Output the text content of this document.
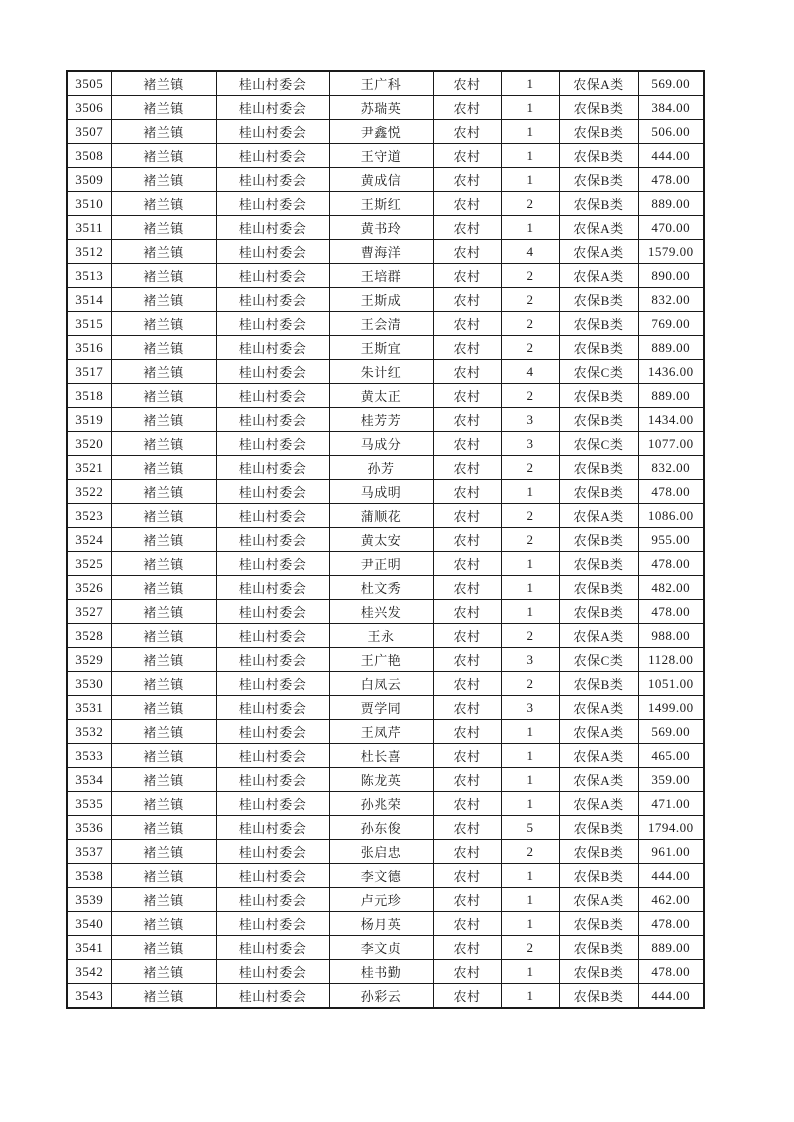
3505	褚兰镇	桂山村委会	王广科	农村	1	农保A类	569.00
3506	褚兰镇	桂山村委会	苏瑞英	农村	1	农保B类	384.00
3507	褚兰镇	桂山村委会	尹鑫悦	农村	1	农保B类	506.00
3508	褚兰镇	桂山村委会	王守道	农村	1	农保B类	444.00
3509	褚兰镇	桂山村委会	黄成信	农村	1	农保B类	478.00
3510	褚兰镇	桂山村委会	王斯红	农村	2	农保B类	889.00
3511	褚兰镇	桂山村委会	黄书玲	农村	1	农保A类	470.00
3512	褚兰镇	桂山村委会	曹海洋	农村	4	农保A类	1579.00
3513	褚兰镇	桂山村委会	王培群	农村	2	农保A类	890.00
3514	褚兰镇	桂山村委会	王斯成	农村	2	农保B类	832.00
3515	褚兰镇	桂山村委会	王会清	农村	2	农保B类	769.00
3516	褚兰镇	桂山村委会	王斯宜	农村	2	农保B类	889.00
3517	褚兰镇	桂山村委会	朱计红	农村	4	农保C类	1436.00
3518	褚兰镇	桂山村委会	黄太正	农村	2	农保B类	889.00
3519	褚兰镇	桂山村委会	桂芳芳	农村	3	农保B类	1434.00
3520	褚兰镇	桂山村委会	马成分	农村	3	农保C类	1077.00
3521	褚兰镇	桂山村委会	孙芳	农村	2	农保B类	832.00
3522	褚兰镇	桂山村委会	马成明	农村	1	农保B类	478.00
3523	褚兰镇	桂山村委会	蒲顺花	农村	2	农保A类	1086.00
3524	褚兰镇	桂山村委会	黄太安	农村	2	农保B类	955.00
3525	褚兰镇	桂山村委会	尹正明	农村	1	农保B类	478.00
3526	褚兰镇	桂山村委会	杜文秀	农村	1	农保B类	482.00
3527	褚兰镇	桂山村委会	桂兴发	农村	1	农保B类	478.00
3528	褚兰镇	桂山村委会	王永	农村	2	农保A类	988.00
3529	褚兰镇	桂山村委会	王广艳	农村	3	农保C类	1128.00
3530	褚兰镇	桂山村委会	白凤云	农村	2	农保B类	1051.00
3531	褚兰镇	桂山村委会	贾学同	农村	3	农保A类	1499.00
3532	褚兰镇	桂山村委会	王凤芹	农村	1	农保A类	569.00
3533	褚兰镇	桂山村委会	杜长喜	农村	1	农保A类	465.00
3534	褚兰镇	桂山村委会	陈龙英	农村	1	农保A类	359.00
3535	褚兰镇	桂山村委会	孙兆荣	农村	1	农保A类	471.00
3536	褚兰镇	桂山村委会	孙东俊	农村	5	农保B类	1794.00
3537	褚兰镇	桂山村委会	张启忠	农村	2	农保B类	961.00
3538	褚兰镇	桂山村委会	李文德	农村	1	农保B类	444.00
3539	褚兰镇	桂山村委会	卢元珍	农村	1	农保A类	462.00
3540	褚兰镇	桂山村委会	杨月英	农村	1	农保B类	478.00
3541	褚兰镇	桂山村委会	李文贞	农村	2	农保B类	889.00
3542	褚兰镇	桂山村委会	桂书勤	农村	1	农保B类	478.00
3543	褚兰镇	桂山村委会	孙彩云	农村	1	农保B类	444.00
